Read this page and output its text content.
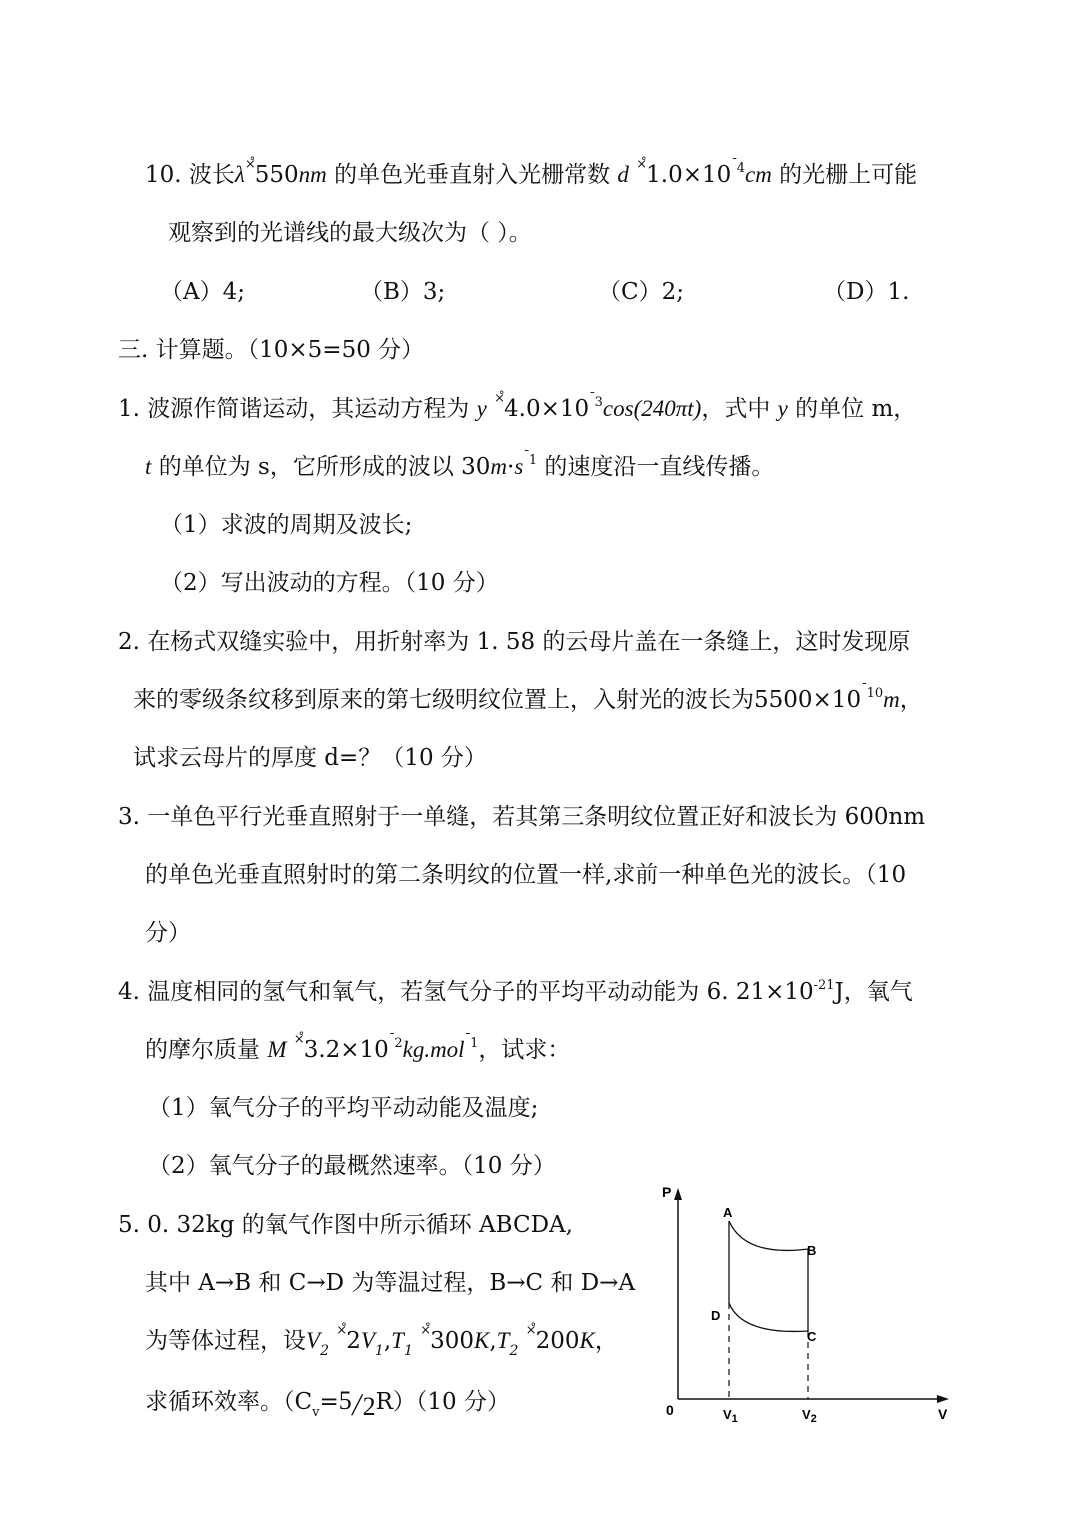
10. 波长λ×̊550nm 的单色光垂直射入光栅常数 d $^{\times̊}1.0\times 10^{ˉ4}cm$ 的光栅上可能
观察到的光谱线的最大级次为（ ）。
（A）4;	（B）3;	（C）2;	（D）1.
三. 计算题。（10×5=50 分）
1. 波源作简谐运动，其运动方程为 y $^{\times̊}4.0\times 10^{ˉ3}\cos(240\pi t)$，式中 y 的单位 m，
t 的单位为 s，它所形成的波以 $30m\cdot s^{ˉ1}$ 的速度沿一直线传播。
（1）求波的周期及波长;
（2）写出波动的方程。（10 分）
2. 在杨式双缝实验中，用折射率为 1. 58 的云母片盖在一条缝上，这时发现原
来的零级条纹移到原来的第七级明纹位置上，入射光的波长为$5500\times 10^{ˉ10}m$，
试求云母片的厚度 d=？（10 分）
3. 一单色平行光垂直照射于一单缝，若其第三条明纹位置正好和波长为 600nm
的单色光垂直照射时的第二条明纹的位置一样,求前一种单色光的波长。（10
分）
4. 温度相同的氢气和氧气，若氢气分子的平均平动动能为 6. $21\times 10^{-21}J$，氧气
的摩尔质量 M $^{\times̊}3.2\times 10^{ˉ2}kg.mol^{ˉ1}$，试求：
（1）氧气分子的平均平动动能及温度;
（2）氧气分子的最概然速率。（10 分）
5. 0. 32kg 的氧气作图中所示循环 ABCDA,
其中 A→B 和 C→D 为等温过程，B→C 和 D→A
为等体过程，设$V_2$ $^{\times̊}2V_1,T_1$ $^{\times̊}300K,T_2$ ×̊200K，
求循环效率。$(C_v=5╱2R)(10$ 分）
P
V
0
A
B
C
D
$V_1$	$V_2$
